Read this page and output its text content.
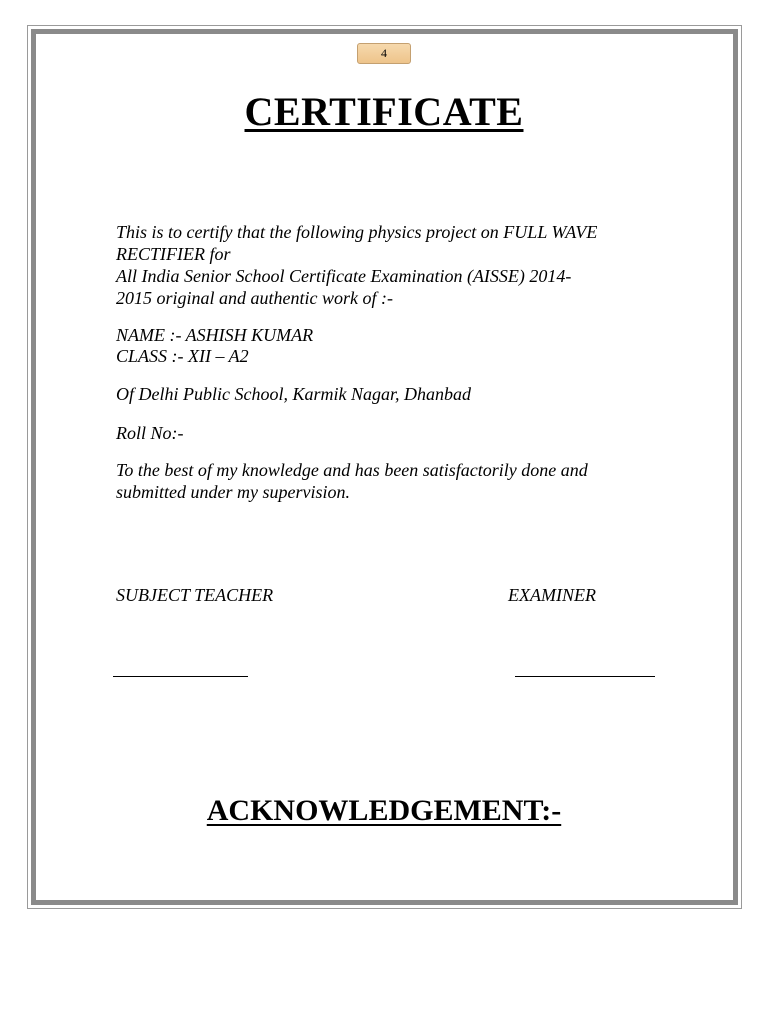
4
CERTIFICATE
This is to certify that the following physics project on FULL WAVE
RECTIFIER for
All India Senior School Certificate Examination (AISSE) 2014-
2015 original and authentic work of :-
NAME :- ASHISH KUMAR
CLASS :- XII – A2
Of Delhi Public School, Karmik Nagar, Dhanbad
Roll No:-
To the best of my knowledge and has been satisfactorily done and
submitted under my supervision.
SUBJECT TEACHER	EXAMINER
ACKNOWLEDGEMENT:-
